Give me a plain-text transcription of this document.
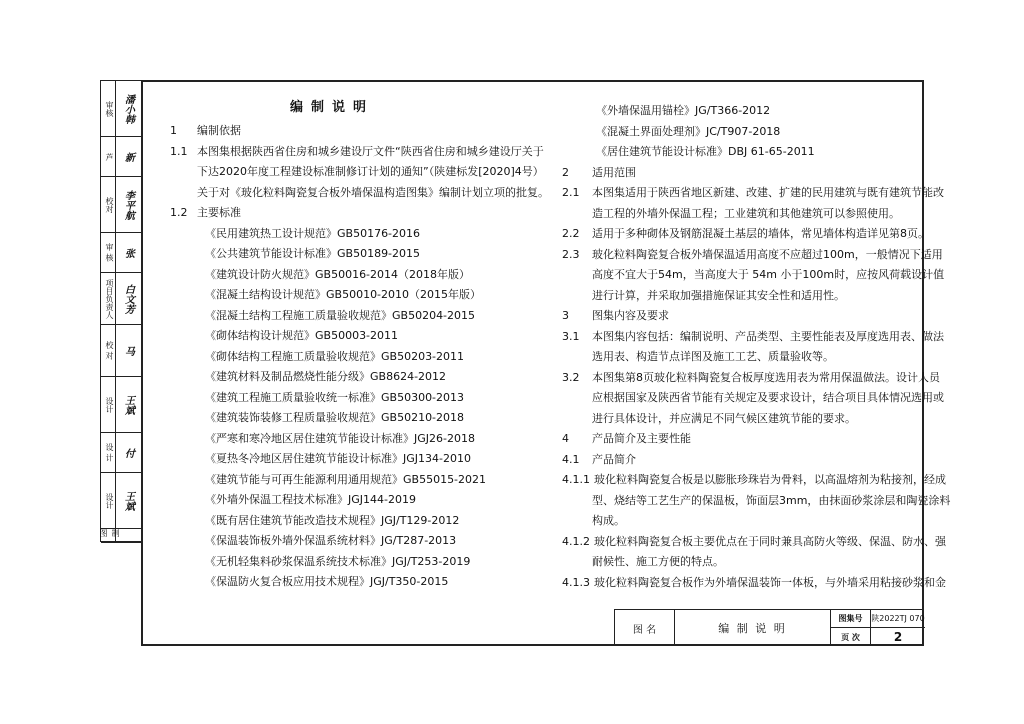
审核 潘小韩
芦 新
校对 李平航
审 核 张
项目负责人 白文芳
校 对 马
设计 王斌
设 计 付
设计 王斌
图
编制说明
1 编制依据
1.1 本图集根据陕西省住房和城乡建设厅文件“陕西省住房和城乡建设厅关于
下达2020年度工程建设标准制修订计划的通知”（陕建标发[2020]4号）
关于对《玻化粒料陶瓷复合板外墙保温构造图集》编制计划立项的批复。
1.2 主要标准
《民用建筑热工设计规范》GB50176-2016
《公共建筑节能设计标准》GB50189-2015
《建筑设计防火规范》GB50016-2014（2018年版）
《混凝土结构设计规范》GB50010-2010（2015年版）
《混凝土结构工程施工质量验收规范》GB50204-2015
《砌体结构设计规范》GB50003-2011
《砌体结构工程施工质量验收规范》GB50203-2011
《建筑材料及制品燃烧性能分级》GB8624-2012
《建筑工程施工质量验收统一标准》GB50300-2013
《建筑装饰装修工程质量验收规范》GB50210-2018
《严寒和寒冷地区居住建筑节能设计标准》JGJ26-2018
《夏热冬冷地区居住建筑节能设计标准》JGJ134-2010
《建筑节能与可再生能源利用通用规范》GB55015-2021
《外墙外保温工程技术标准》JGJ144-2019
《既有居住建筑节能改造技术规程》JGJ/T129-2012
《保温装饰板外墙外保温系统材料》JG/T287-2013
《无机轻集料砂浆保温系统技术标准》JGJ/T253-2019
《保温防火复合板应用技术规程》JGJ/T350-2015
《外墙保温用锚栓》JG/T366-2012
《混凝土界面处理剂》JC/T907-2018
《居住建筑节能设计标准》DBJ 61-65-2011
2 适用范围
2.1 本图集适用于陕西省地区新建、改建、扩建的民用建筑与既有建筑节能改
造工程的外墙外保温工程；工业建筑和其他建筑可以参照使用。
2.2 适用于多种砌体及钢筋混凝土基层的墙体，常见墙体构造详见第8页。
2.3 玻化粒料陶瓷复合板外墙保温适用高度不应超过100m，一般情况下适用
高度不宜大于54m，当高度大于 54m 小于100m时，应按风荷载设计值
进行计算，并采取加强措施保证其安全性和适用性。
3 图集内容及要求
3.1 本图集内容包括：编制说明、产品类型、主要性能表及厚度选用表、做法
选用表、构造节点详图及施工工艺、质量验收等。
3.2 本图集第8页玻化粒料陶瓷复合板厚度选用表为常用保温做法。设计人员
应根据国家及陕西省节能有关规定及要求设计，结合项目具体情况选用或
进行具体设计，并应满足不同气候区建筑节能的要求。
4 产品简介及主要性能
4.1 产品简介
4.1.1 玻化粒料陶瓷复合板是以膨胀珍珠岩为骨料，以高温熔剂为粘接剂，经成
型、烧结等工艺生产的保温板，饰面层3mm，由抹面砂浆涂层和陶瓷涂料
构成。
4.1.2 玻化粒料陶瓷复合板主要优点在于同时兼具高防火等级、保温、防水、强
耐候性、施工方便的特点。
4.1.3 玻化粒料陶瓷复合板作为外墙保温装饰一体板，与外墙采用粘接砂浆和金
图 名	编 制 说 明
图集号	陕2022TJ 070
页 次	2
